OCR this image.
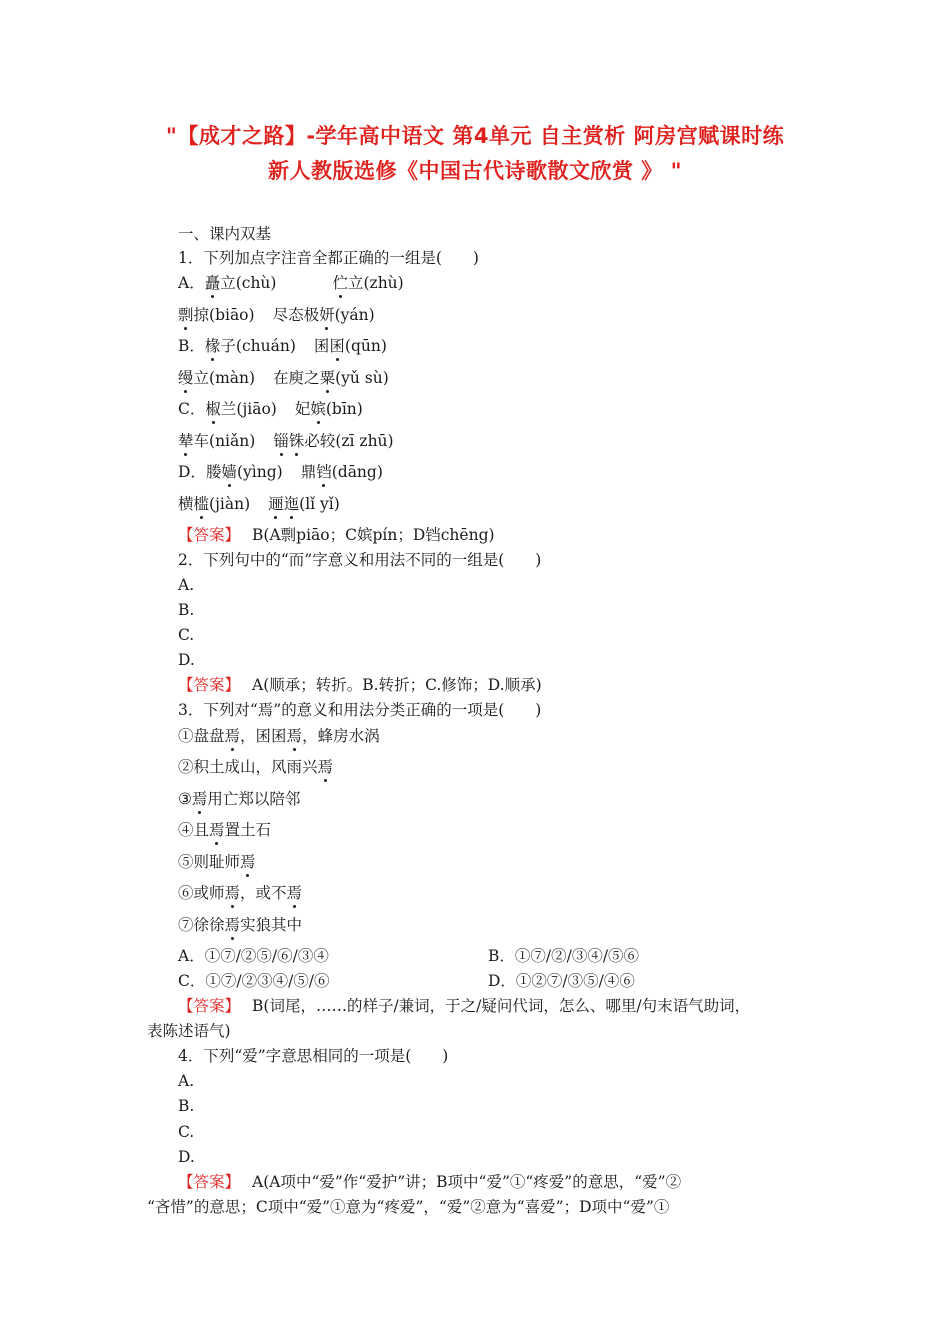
"【成才之路】-学年高中语文 第4单元 自主赏析 阿房宫赋课时练
新人教版选修《中国古代诗歌散文欣赏 》 "
一、课内双基
1．下列加点字注音全都正确的一组是(　　)
A．矗立(chù)	伫立(zhù)
剽掠(biāo) 尽态极妍(yán)
B．椽子(chuán) 囷囷(qūn)
缦立(màn) 在庾之粟(yǔ sù)
C．椒兰(jiāo) 妃嫔(bīn)
辇车(niǎn) 锱铢必较(zī zhū)
D．媵嫱(yìng) 鼎铛(dāng)
横槛(jiàn) 逦迤(lǐ yǐ)
【答案】 B(A剽piāo；C嫔pín；D铛chēng)
2．下列句中的“而”字意义和用法不同的一组是(　　)
A.
B.
C.
D.
【答案】 A(顺承；转折。B.转折；C.修饰；D.顺承)
3．下列对“焉”的意义和用法分类正确的一项是(　　)
①盘盘焉，囷囷焉，蜂房水涡
②积土成山，风雨兴焉
③焉用亡郑以陪邻
④且焉置土石
⑤则耻师焉
⑥或师焉，或不焉
⑦徐徐焉实狼其中
A．①⑦/②⑤/⑥/③④	B．①⑦/②/③④/⑤⑥
C．①⑦/②③④/⑤/⑥	D．①②⑦/③⑤/④⑥
【答案】 B(词尾，……的样子/兼词，于之/疑问代词，怎么、哪里/句末语气助词，
表陈述语气)
4．下列“爱”字意思相同的一项是(　　)
A.
B.
C.
D.
【答案】 A(A项中“爱”作“爱护”讲；B项中“爱”①“疼爱”的意思，“爱”②
“吝惜”的意思；C项中“爱”①意为“疼爱”，“爱”②意为“喜爱”；D项中“爱”①
